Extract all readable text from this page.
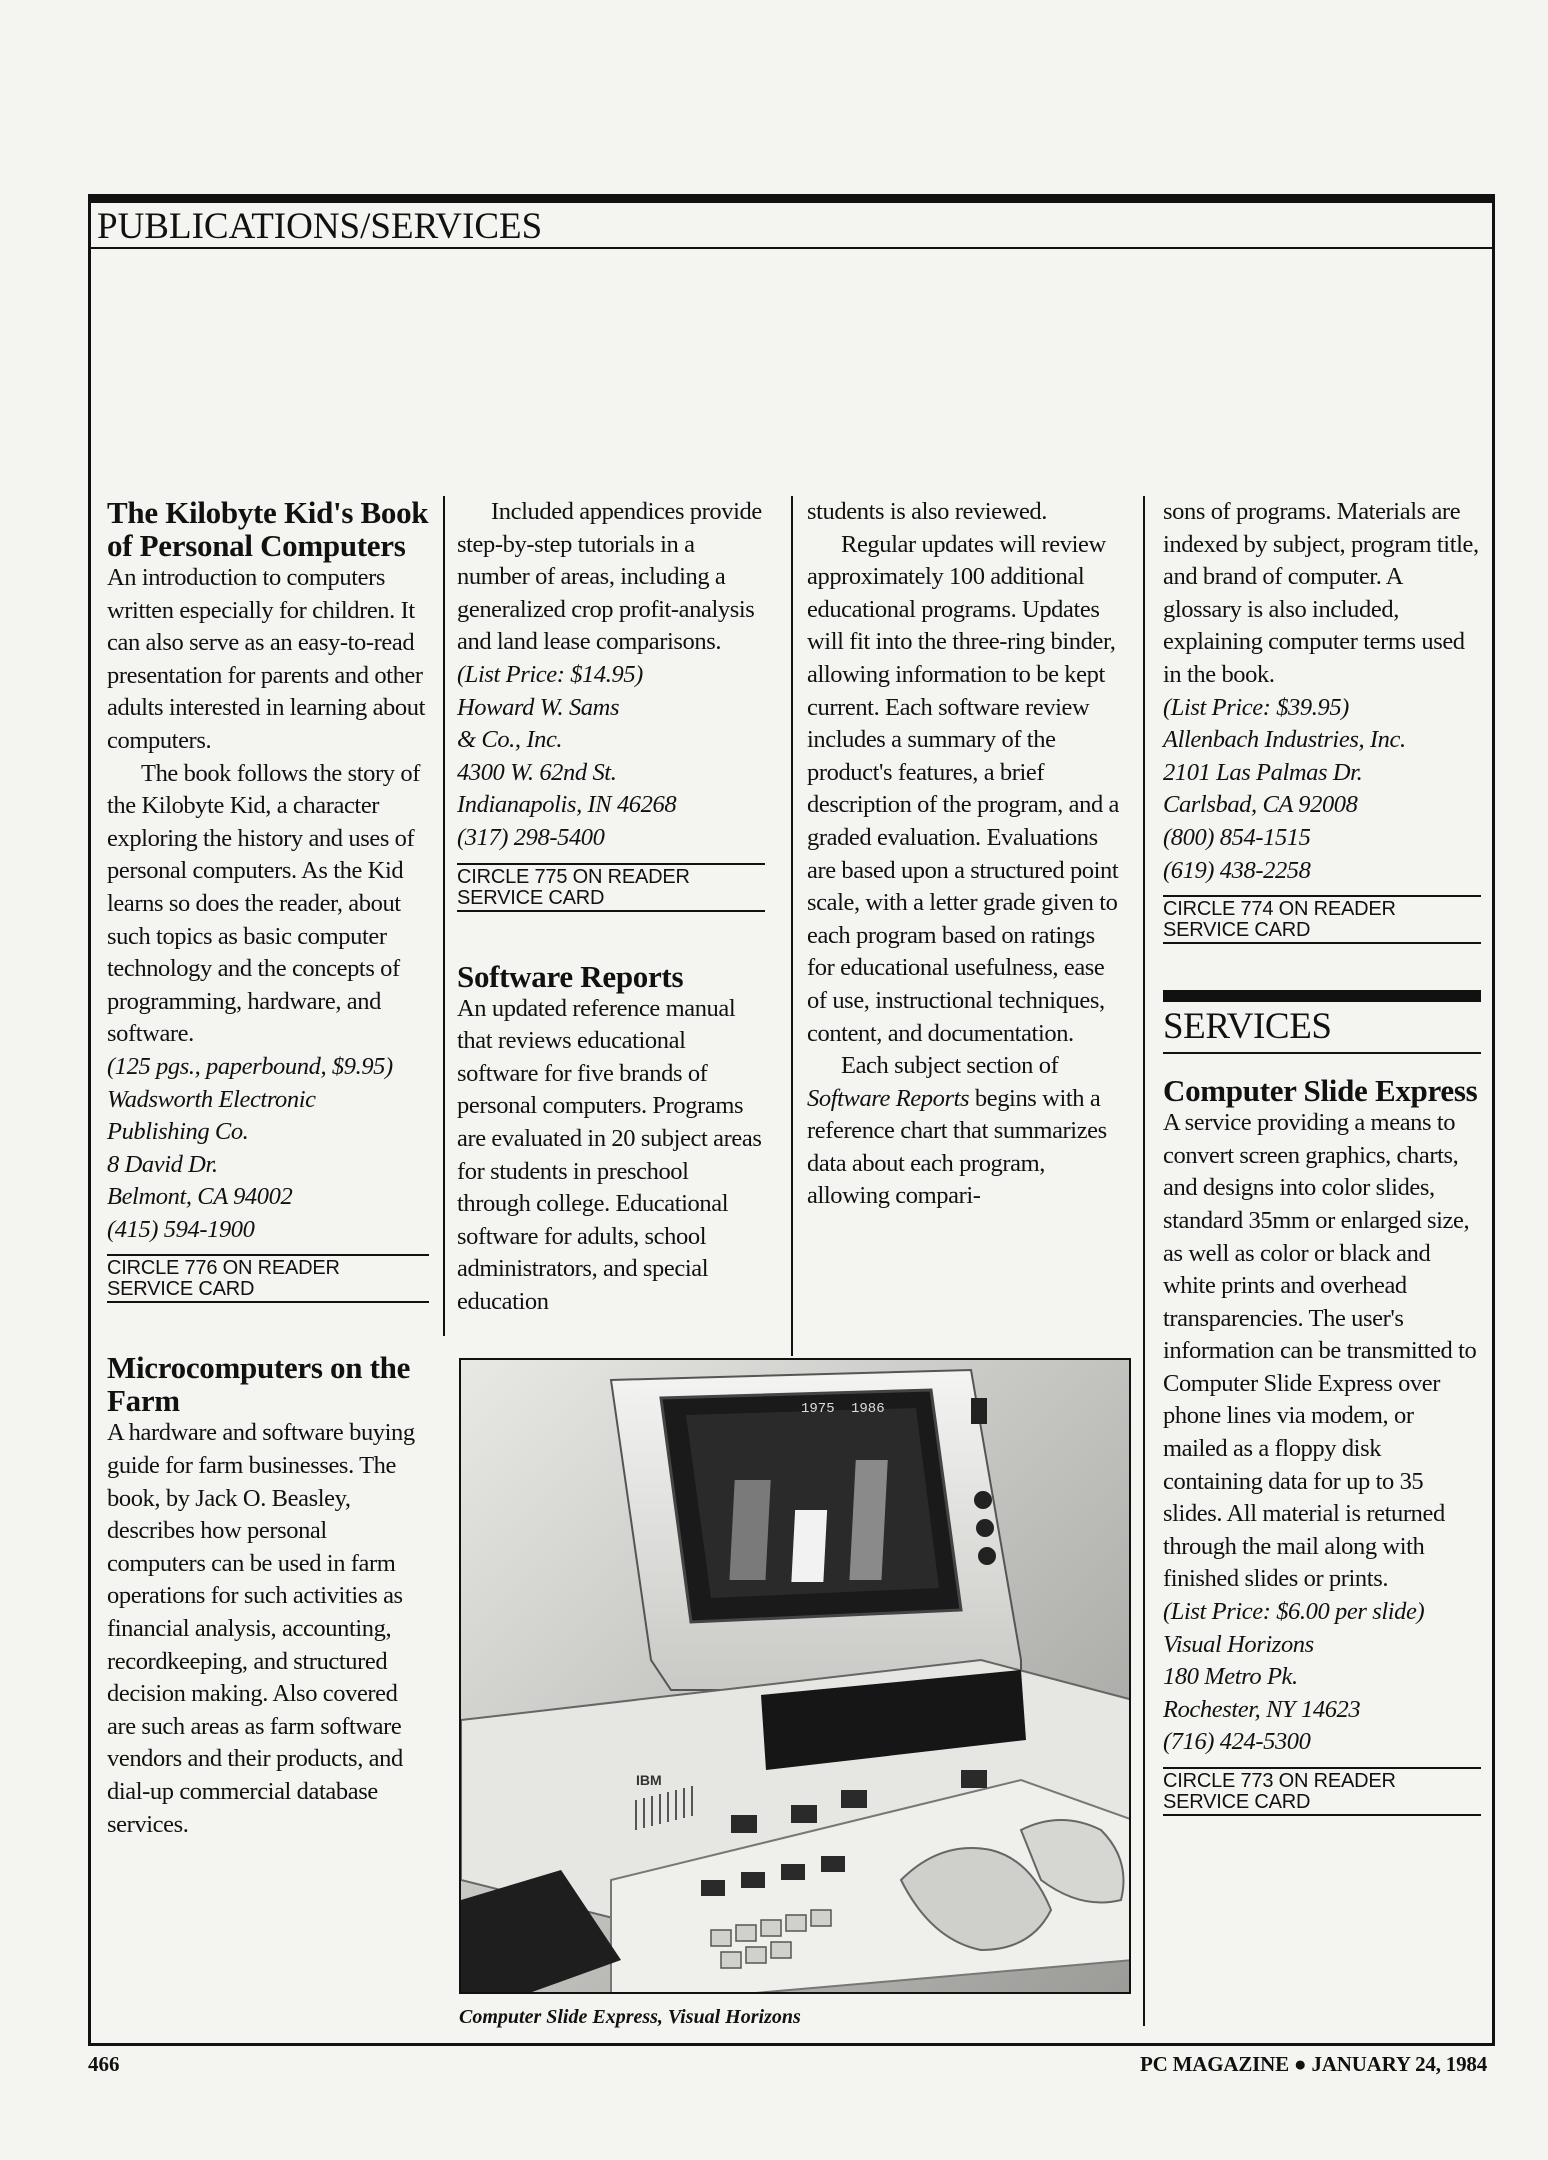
PUBLICATIONS/SERVICES
The Kilobyte Kid's Book of Personal Computers

An introduction to computers written especially for children. It can also serve as an easy-to-read presentation for parents and other adults interested in learning about computers.

The book follows the story of the Kilobyte Kid, a character exploring the history and uses of personal computers. As the Kid learns so does the reader, about such topics as basic computer technology and the concepts of programming, hardware, and software.

(125 pgs., paperbound, $9.95)

Wadsworth Electronic

Publishing Co.

8 David Dr.

Belmont, CA 94002

(415) 594-1900

CIRCLE 776 ON READER SERVICE CARD
Microcomputers on the Farm

A hardware and software buying guide for farm businesses. The book, by Jack O. Beasley, describes how personal computers can be used in farm operations for such activities as financial analysis, accounting, recordkeeping, and structured decision making. Also covered are such areas as farm software vendors and their products, and dial-up commercial database services.

Included appendices provide step-by-step tutorials in a number of areas, including a generalized crop profit-analysis and land lease comparisons.

(List Price: $14.95)

Howard W. Sams

& Co., Inc.

4300 W. 62nd St.

Indianapolis, IN 46268

(317) 298-5400

CIRCLE 775 ON READER SERVICE CARD
Software Reports

An updated reference manual that reviews educational software for five brands of personal computers. Programs are evaluated in 20 subject areas for students in preschool through college. Educational software for adults, school administrators, and special education

students is also reviewed.

Regular updates will review approximately 100 additional educational programs. Updates will fit into the three-ring binder, allowing information to be kept current. Each software review includes a summary of the product's features, a brief description of the program, and a graded evaluation. Evaluations are based upon a structured point scale, with a letter grade given to each program based on ratings for educational usefulness, ease of use, instructional techniques, content, and documentation.

Each subject section of Software Reports begins with a reference chart that summarizes data about each program, allowing compari-

sons of programs. Materials are indexed by subject, program title, and brand of computer. A glossary is also included, explaining computer terms used in the book.

(List Price: $39.95)

Allenbach Industries, Inc.

2101 Las Palmas Dr.

Carlsbad, CA 92008

(800) 854-1515

(619) 438-2258

CIRCLE 774 ON READER SERVICE CARD
SERVICES
Computer Slide Express

A service providing a means to convert screen graphics, charts, and designs into color slides, standard 35mm or enlarged size, as well as color or black and white prints and overhead transparencies. The user's information can be transmitted to Computer Slide Express over phone lines via modem, or mailed as a floppy disk containing data for up to 35 slides. All material is returned through the mail along with finished slides or prints.

(List Price: $6.00 per slide)

Visual Horizons

180 Metro Pk.

Rochester, NY 14623

(716) 424-5300

CIRCLE 773 ON READER SERVICE CARD
1975 1986
IBM
Computer Slide Express, Visual Horizons
466	PC MAGAZINE ● JANUARY 24, 1984
